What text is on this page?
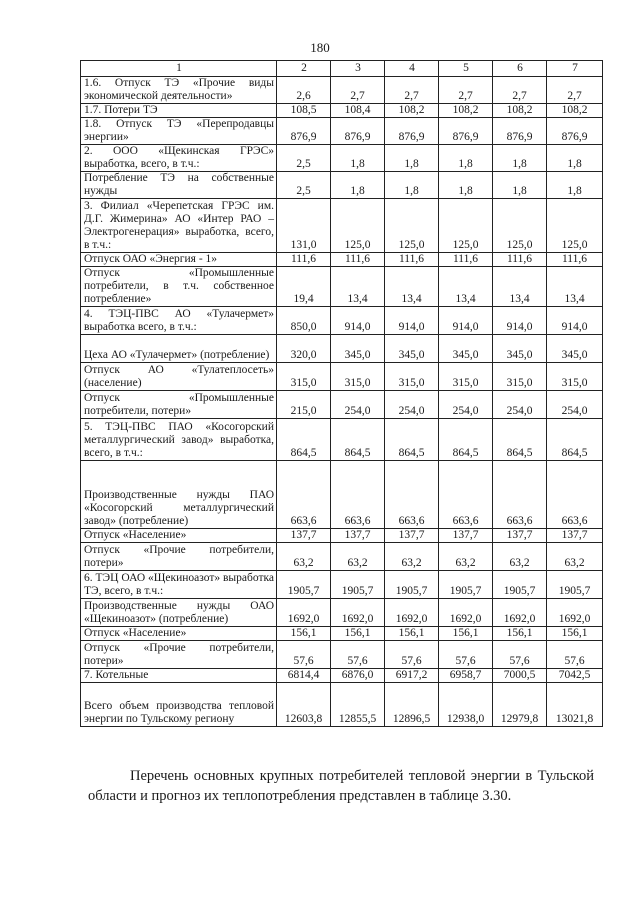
180
1	2	3	4	5	6	7
1.6. Отпуск ТЭ «Прочие виды экономической деятельности»	2,6	2,7	2,7	2,7	2,7	2,7
1.7. Потери ТЭ	108,5	108,4	108,2	108,2	108,2	108,2
1.8. Отпуск ТЭ «Перепродавцы энергии»	876,9	876,9	876,9	876,9	876,9	876,9
2. ООО «Щекинская ГРЭС» выработка, всего, в т.ч.:	2,5	1,8	1,8	1,8	1,8	1,8
Потребление ТЭ на собственные нужды	2,5	1,8	1,8	1,8	1,8	1,8
3. Филиал «Черепетская ГРЭС им. Д.Г. Жимерина» АО «Интер РАО – Электрогенерация» выработка, всего, в т.ч.:	131,0	125,0	125,0	125,0	125,0	125,0
Отпуск ОАО «Энергия - 1»	111,6	111,6	111,6	111,6	111,6	111,6
Отпуск «Промышленные потребители, в т.ч. собственное потребление»	19,4	13,4	13,4	13,4	13,4	13,4
4. ТЭЦ-ПВС АО «Тулачермет» выработка всего, в т.ч.:	850,0	914,0	914,0	914,0	914,0	914,0
Цеха АО «Тулачермет» (потребление)	320,0	345,0	345,0	345,0	345,0	345,0
Отпуск АО «Тулатеплосеть» (население)	315,0	315,0	315,0	315,0	315,0	315,0
Отпуск «Промышленные потребители, потери»	215,0	254,0	254,0	254,0	254,0	254,0
5. ТЭЦ-ПВС ПАО «Косогорский металлургический завод» выработка, всего, в т.ч.:	864,5	864,5	864,5	864,5	864,5	864,5
Производственные нужды ПАО «Косогорский металлургический завод» (потребление)	663,6	663,6	663,6	663,6	663,6	663,6
Отпуск «Население»	137,7	137,7	137,7	137,7	137,7	137,7
Отпуск «Прочие потребители, потери»	63,2	63,2	63,2	63,2	63,2	63,2
6. ТЭЦ ОАО «Щекиноазот» выработка ТЭ, всего, в т.ч.:	1905,7	1905,7	1905,7	1905,7	1905,7	1905,7
Производственные нужды ОАО «Щекиноазот» (потребление)	1692,0	1692,0	1692,0	1692,0	1692,0	1692,0
Отпуск «Население»	156,1	156,1	156,1	156,1	156,1	156,1
Отпуск «Прочие потребители, потери»	57,6	57,6	57,6	57,6	57,6	57,6
7. Котельные	6814,4	6876,0	6917,2	6958,7	7000,5	7042,5
Всего объем производства тепловой энергии по Тульскому региону	12603,8	12855,5	12896,5	12938,0	12979,8	13021,8

Перечень основных крупных потребителей тепловой энергии в Тульской области и прогноз их теплопотребления представлен в таблице 3.30.
